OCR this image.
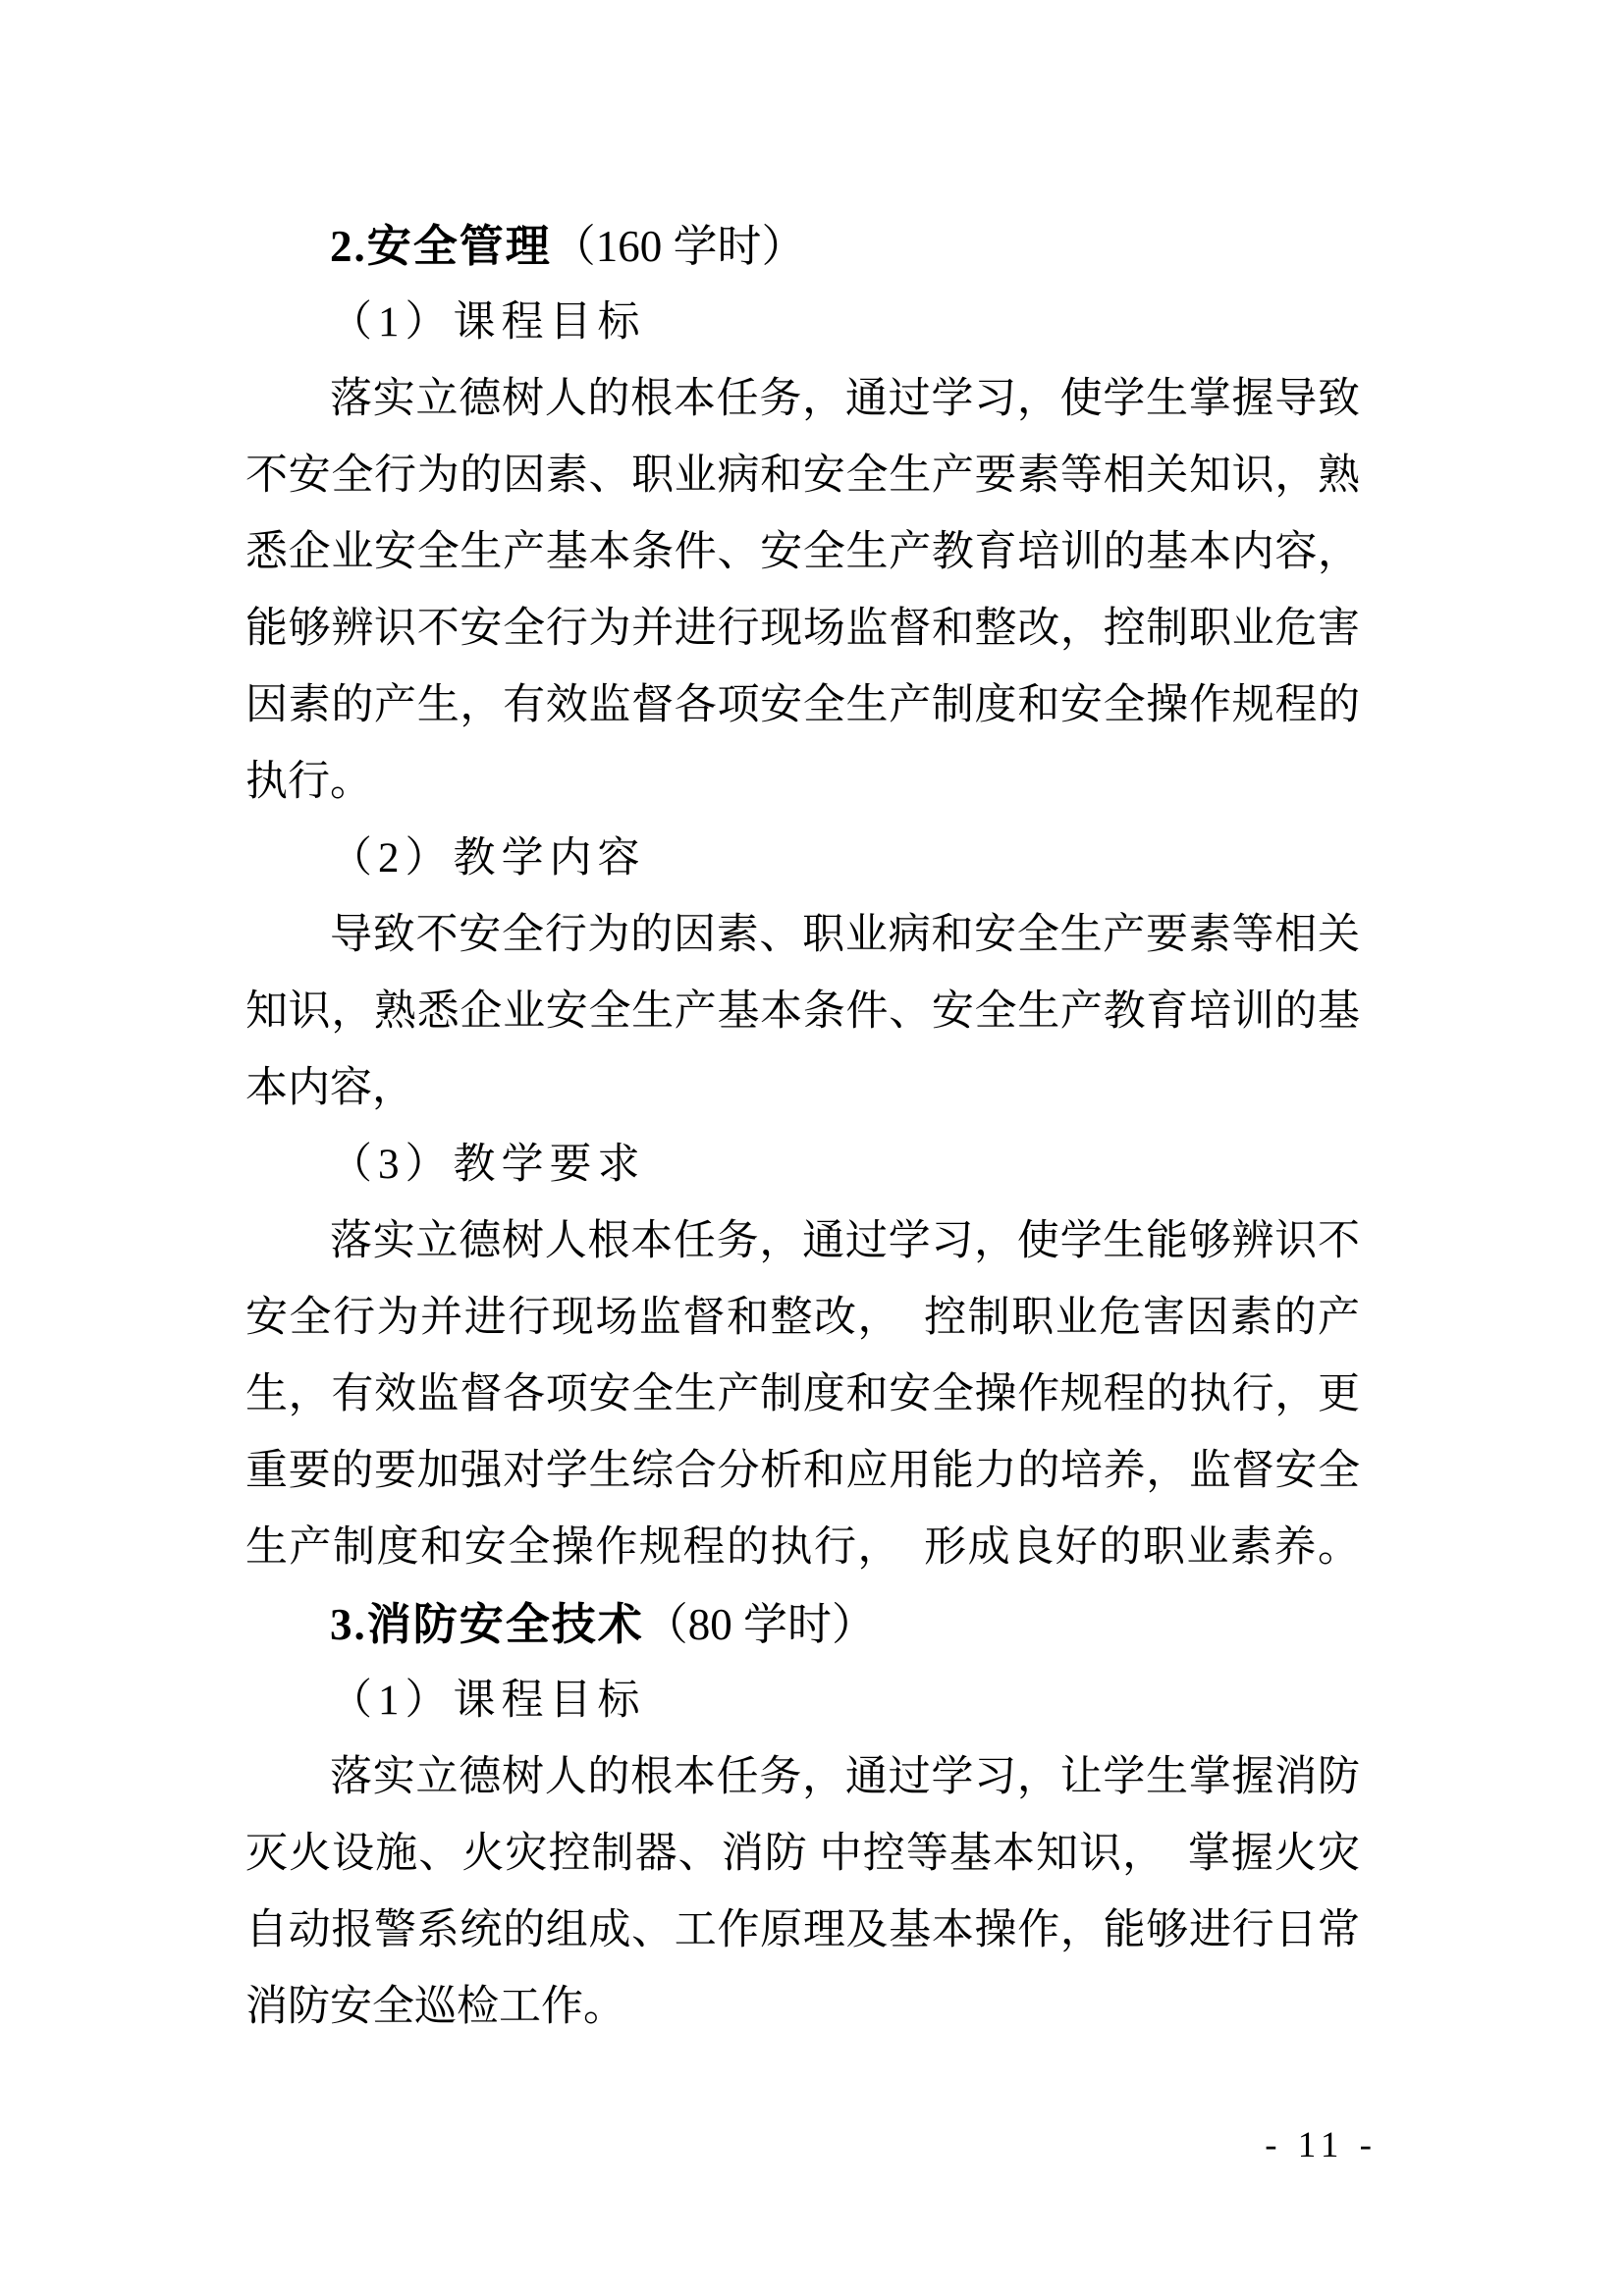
2.安全管理（160 学时）
（1）课程目标
落实立德树人的根本任务，通过学习，使学生掌握导致
不安全行为的因素、职业病和安全生产要素等相关知识，熟
悉企业安全生产基本条件、安全生产教育培训的基本内容，
能够辨识不安全行为并进行现场监督和整改，控制职业危害
因素的产生，有效监督各项安全生产制度和安全操作规程的
执行。
（2）教学内容
导致不安全行为的因素、职业病和安全生产要素等相关
知识，熟悉企业安全生产基本条件、安全生产教育培训的基
本内容，
（3）教学要求
落实立德树人根本任务，通过学习，使学生能够辨识不
安全行为并进行现场监督和整改，　控制职业危害因素的产
生，有效监督各项安全生产制度和安全操作规程的执行，更
重要的要加强对学生综合分析和应用能力的培养，监督安全
生产制度和安全操作规程的执行，　形成良好的职业素养。
3.消防安全技术（80 学时）
（1）课程目标
落实立德树人的根本任务，通过学习，让学生掌握消防
灭火设施、火灾控制器、消防 中控等基本知识，　掌握火灾
自动报警系统的组成、工作原理及基本操作，能够进行日常
消防安全巡检工作。
- 11 -
